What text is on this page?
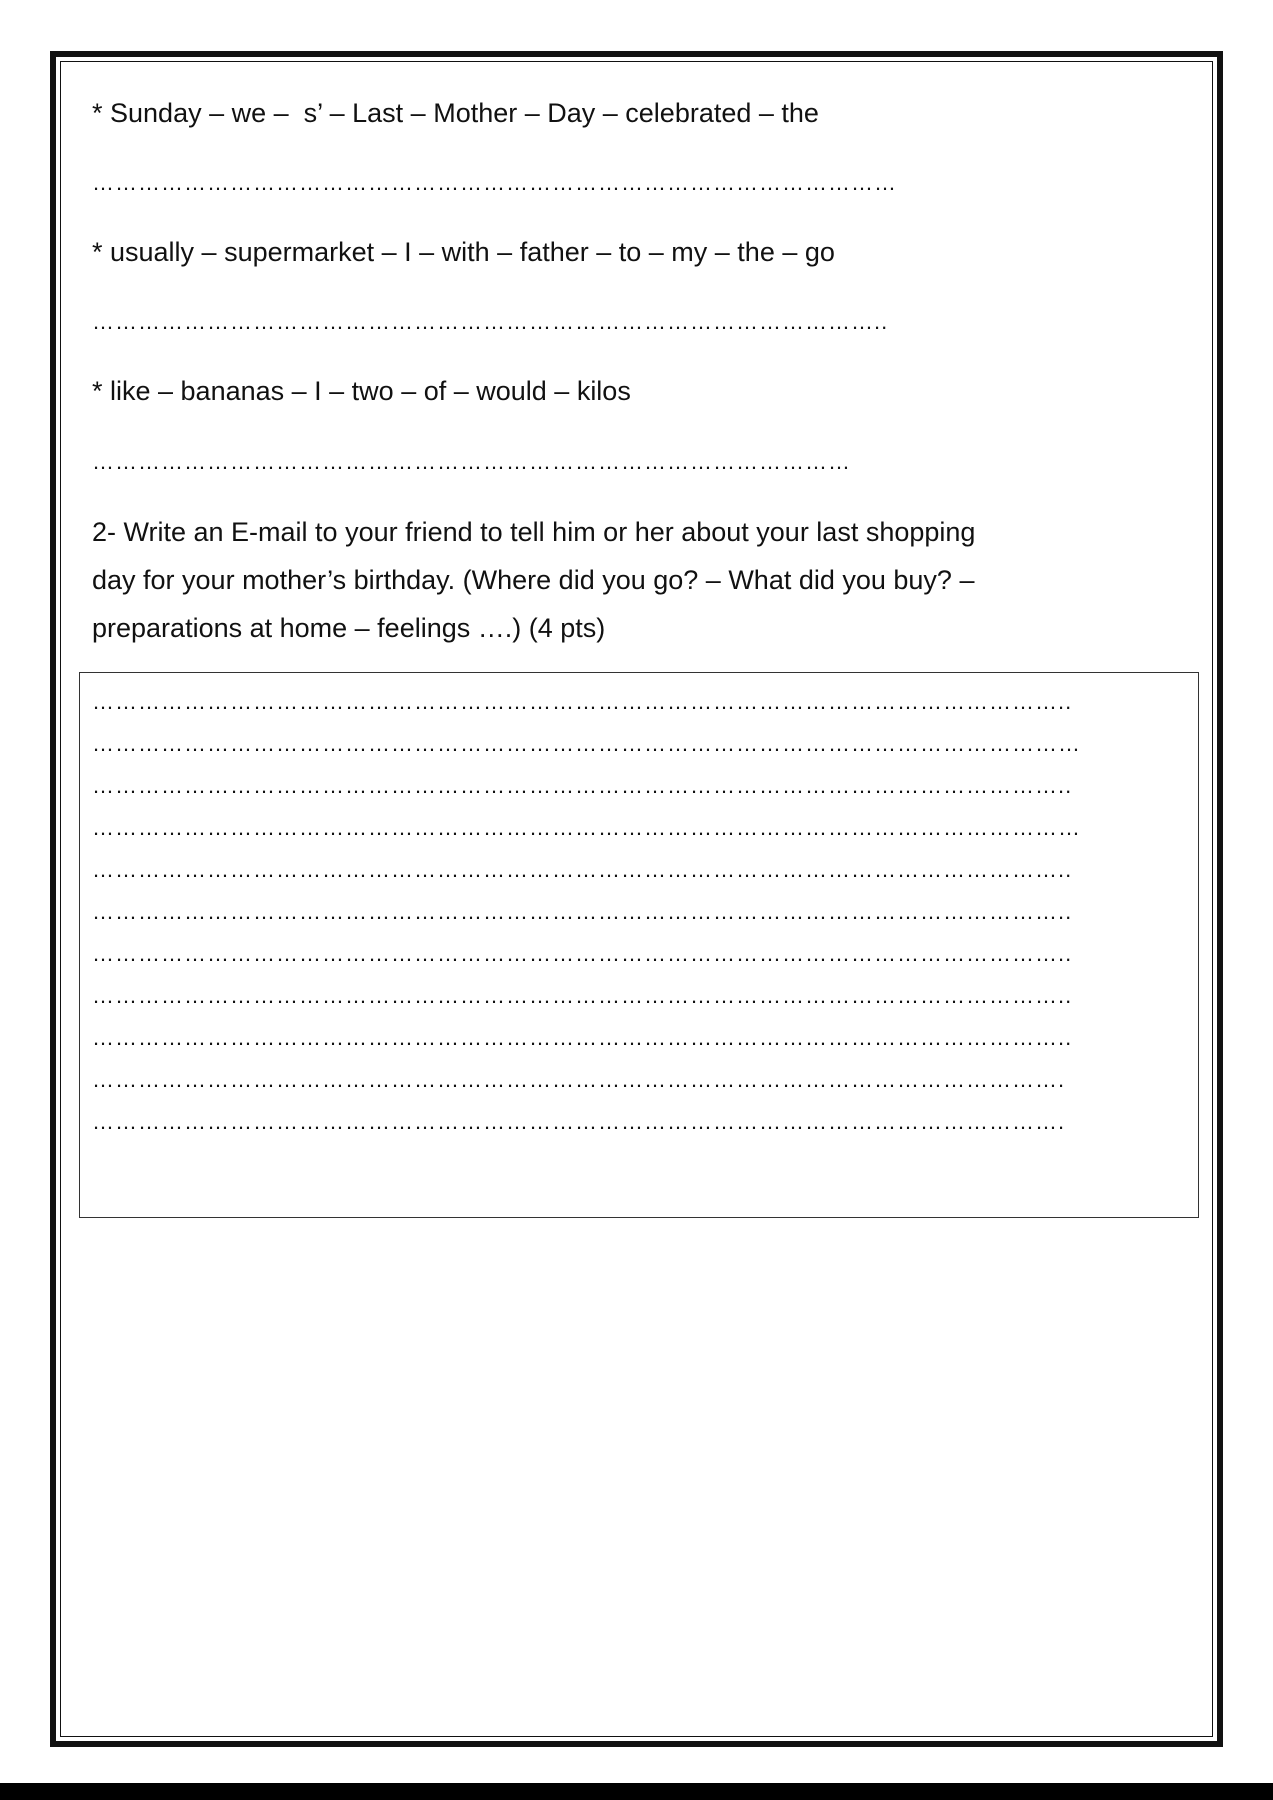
* Sunday – we –  s’ – Last – Mother – Day – celebrated – the
……………………………………………………………………………………………
* usually – supermarket – I – with – father – to – my – the – go
…………………………………………………………………………………………..
* like – bananas – I – two – of – would – kilos
………………………………………………………………………………………
2- Write an E-mail to your friend to tell him or her about your last shopping
day for your mother’s birthday. (Where did you go? – What did you buy? –
preparations at home – feelings ….) (4 pts)
………………………………………………………………………………………………………………..
…………………………………………………………………………………………………………………
………………………………………………………………………………………………………………..
…………………………………………………………………………………………………………………
………………………………………………………………………………………………………………..
………………………………………………………………………………………………………………..
………………………………………………………………………………………………………………..
………………………………………………………………………………………………………………..
………………………………………………………………………………………………………………..
……………………………………………………………………………………………………………….
……………………………………………………………………………………………………………….
